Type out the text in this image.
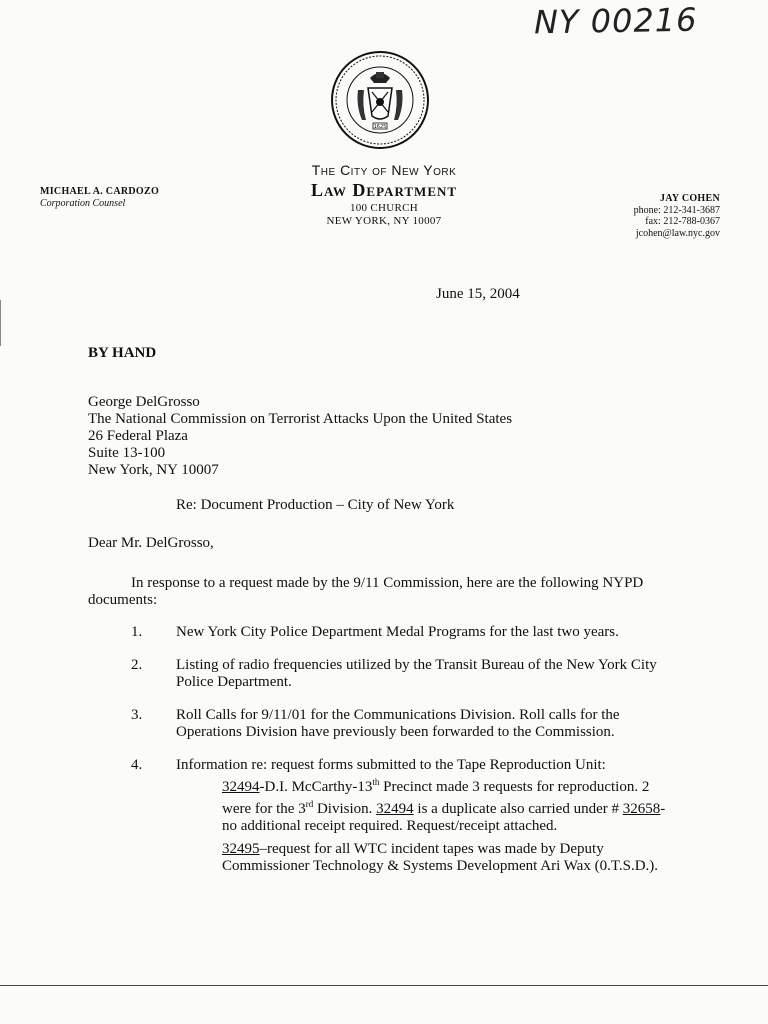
NY 00216
1625
The City of New York
Law Department
100 CHURCH
NEW YORK, NY 10007
MICHAEL A. CARDOZO
Corporation Counsel	JAY COHEN
phone: 212-341-3687
fax: 212-788-0367
jcohen@law.nyc.gov
June 15, 2004
BY HAND
George DelGrosso
The National Commission on Terrorist Attacks Upon the United States
26 Federal Plaza
Suite 13-100
New York, NY 10007
Re: Document Production – City of New York
Dear Mr. DelGrosso,
In response to a request made by the 9/11 Commission, here are the following NYPD
documents:
1. New York City Police Department Medal Programs for the last two years.
2. Listing of radio frequencies utilized by the Transit Bureau of the New York City
Police Department.
3. Roll Calls for 9/11/01 for the Communications Division. Roll calls for the
Operations Division have previously been forwarded to the Commission.
4. Information re: request forms submitted to the Tape Reproduction Unit:
32494-D.I. McCarthy-13th Precinct made 3 requests for reproduction. 2
were for the 3rd Division. 32494 is a duplicate also carried under # 32658-
no additional receipt required. Request/receipt attached.
32495–request for all WTC incident tapes was made by Deputy
Commissioner Technology & Systems Development Ari Wax (0.T.S.D.).
